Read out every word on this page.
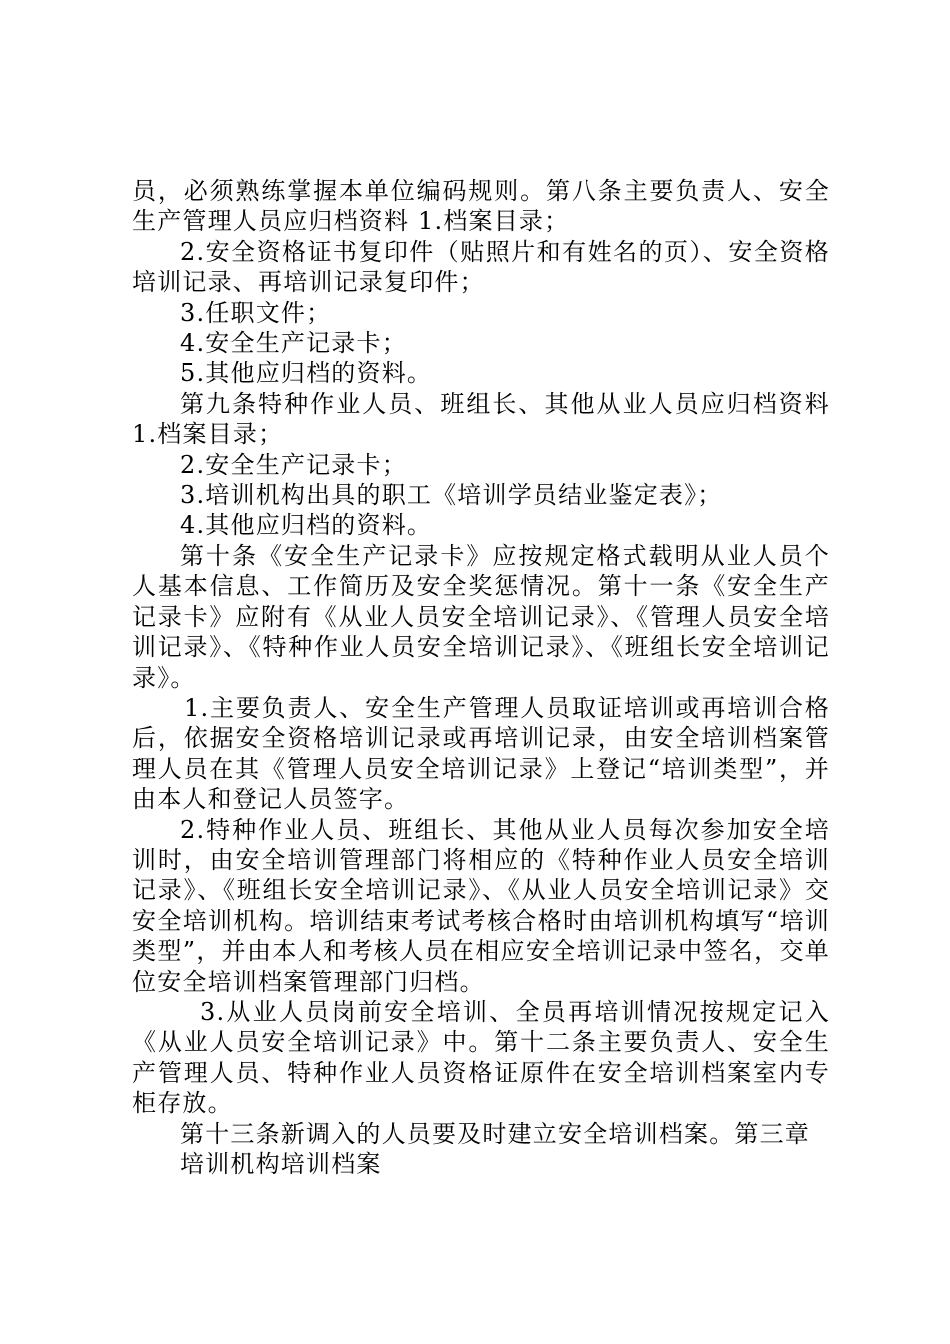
员，必须熟练掌握本单位编码规则。第八条主要负责人、安全生产管理人员应归档资料 1.档案目录；

2.安全资格证书复印件（贴照片和有姓名的页）、安全资格培训记录、再培训记录复印件；

3.任职文件；

4.安全生产记录卡；

5.其他应归档的资料。

第九条特种作业人员、班组长、其他从业人员应归档资料 1.档案目录；

2.安全生产记录卡；

3.培训机构出具的职工《培训学员结业鉴定表》；

4.其他应归档的资料。

第十条《安全生产记录卡》应按规定格式载明从业人员个人基本信息、工作简历及安全奖惩情况。第十一条《安全生产记录卡》应附有《从业人员安全培训记录》、《管理人员安全培训记录》、《特种作业人员安全培训记录》、《班组长安全培训记录》。

1.主要负责人、安全生产管理人员取证培训或再培训合格后，依据安全资格培训记录或再培训记录，由安全培训档案管理人员在其《管理人员安全培训记录》上登记“培训类型”，并由本人和登记人员签字。

2.特种作业人员、班组长、其他从业人员每次参加安全培训时，由安全培训管理部门将相应的《特种作业人员安全培训记录》、《班组长安全培训记录》、《从业人员安全培训记录》交安全培训机构。培训结束考试考核合格时由培训机构填写“培训类型”，并由本人和考核人员在相应安全培训记录中签名，交单位安全培训档案管理部门归档。

3.从业人员岗前安全培训、全员再培训情况按规定记入《从业人员安全培训记录》中。第十二条主要负责人、安全生产管理人员、特种作业人员资格证原件在安全培训档案室内专柜存放。

第十三条新调入的人员要及时建立安全培训档案。第三章

培训机构培训档案
